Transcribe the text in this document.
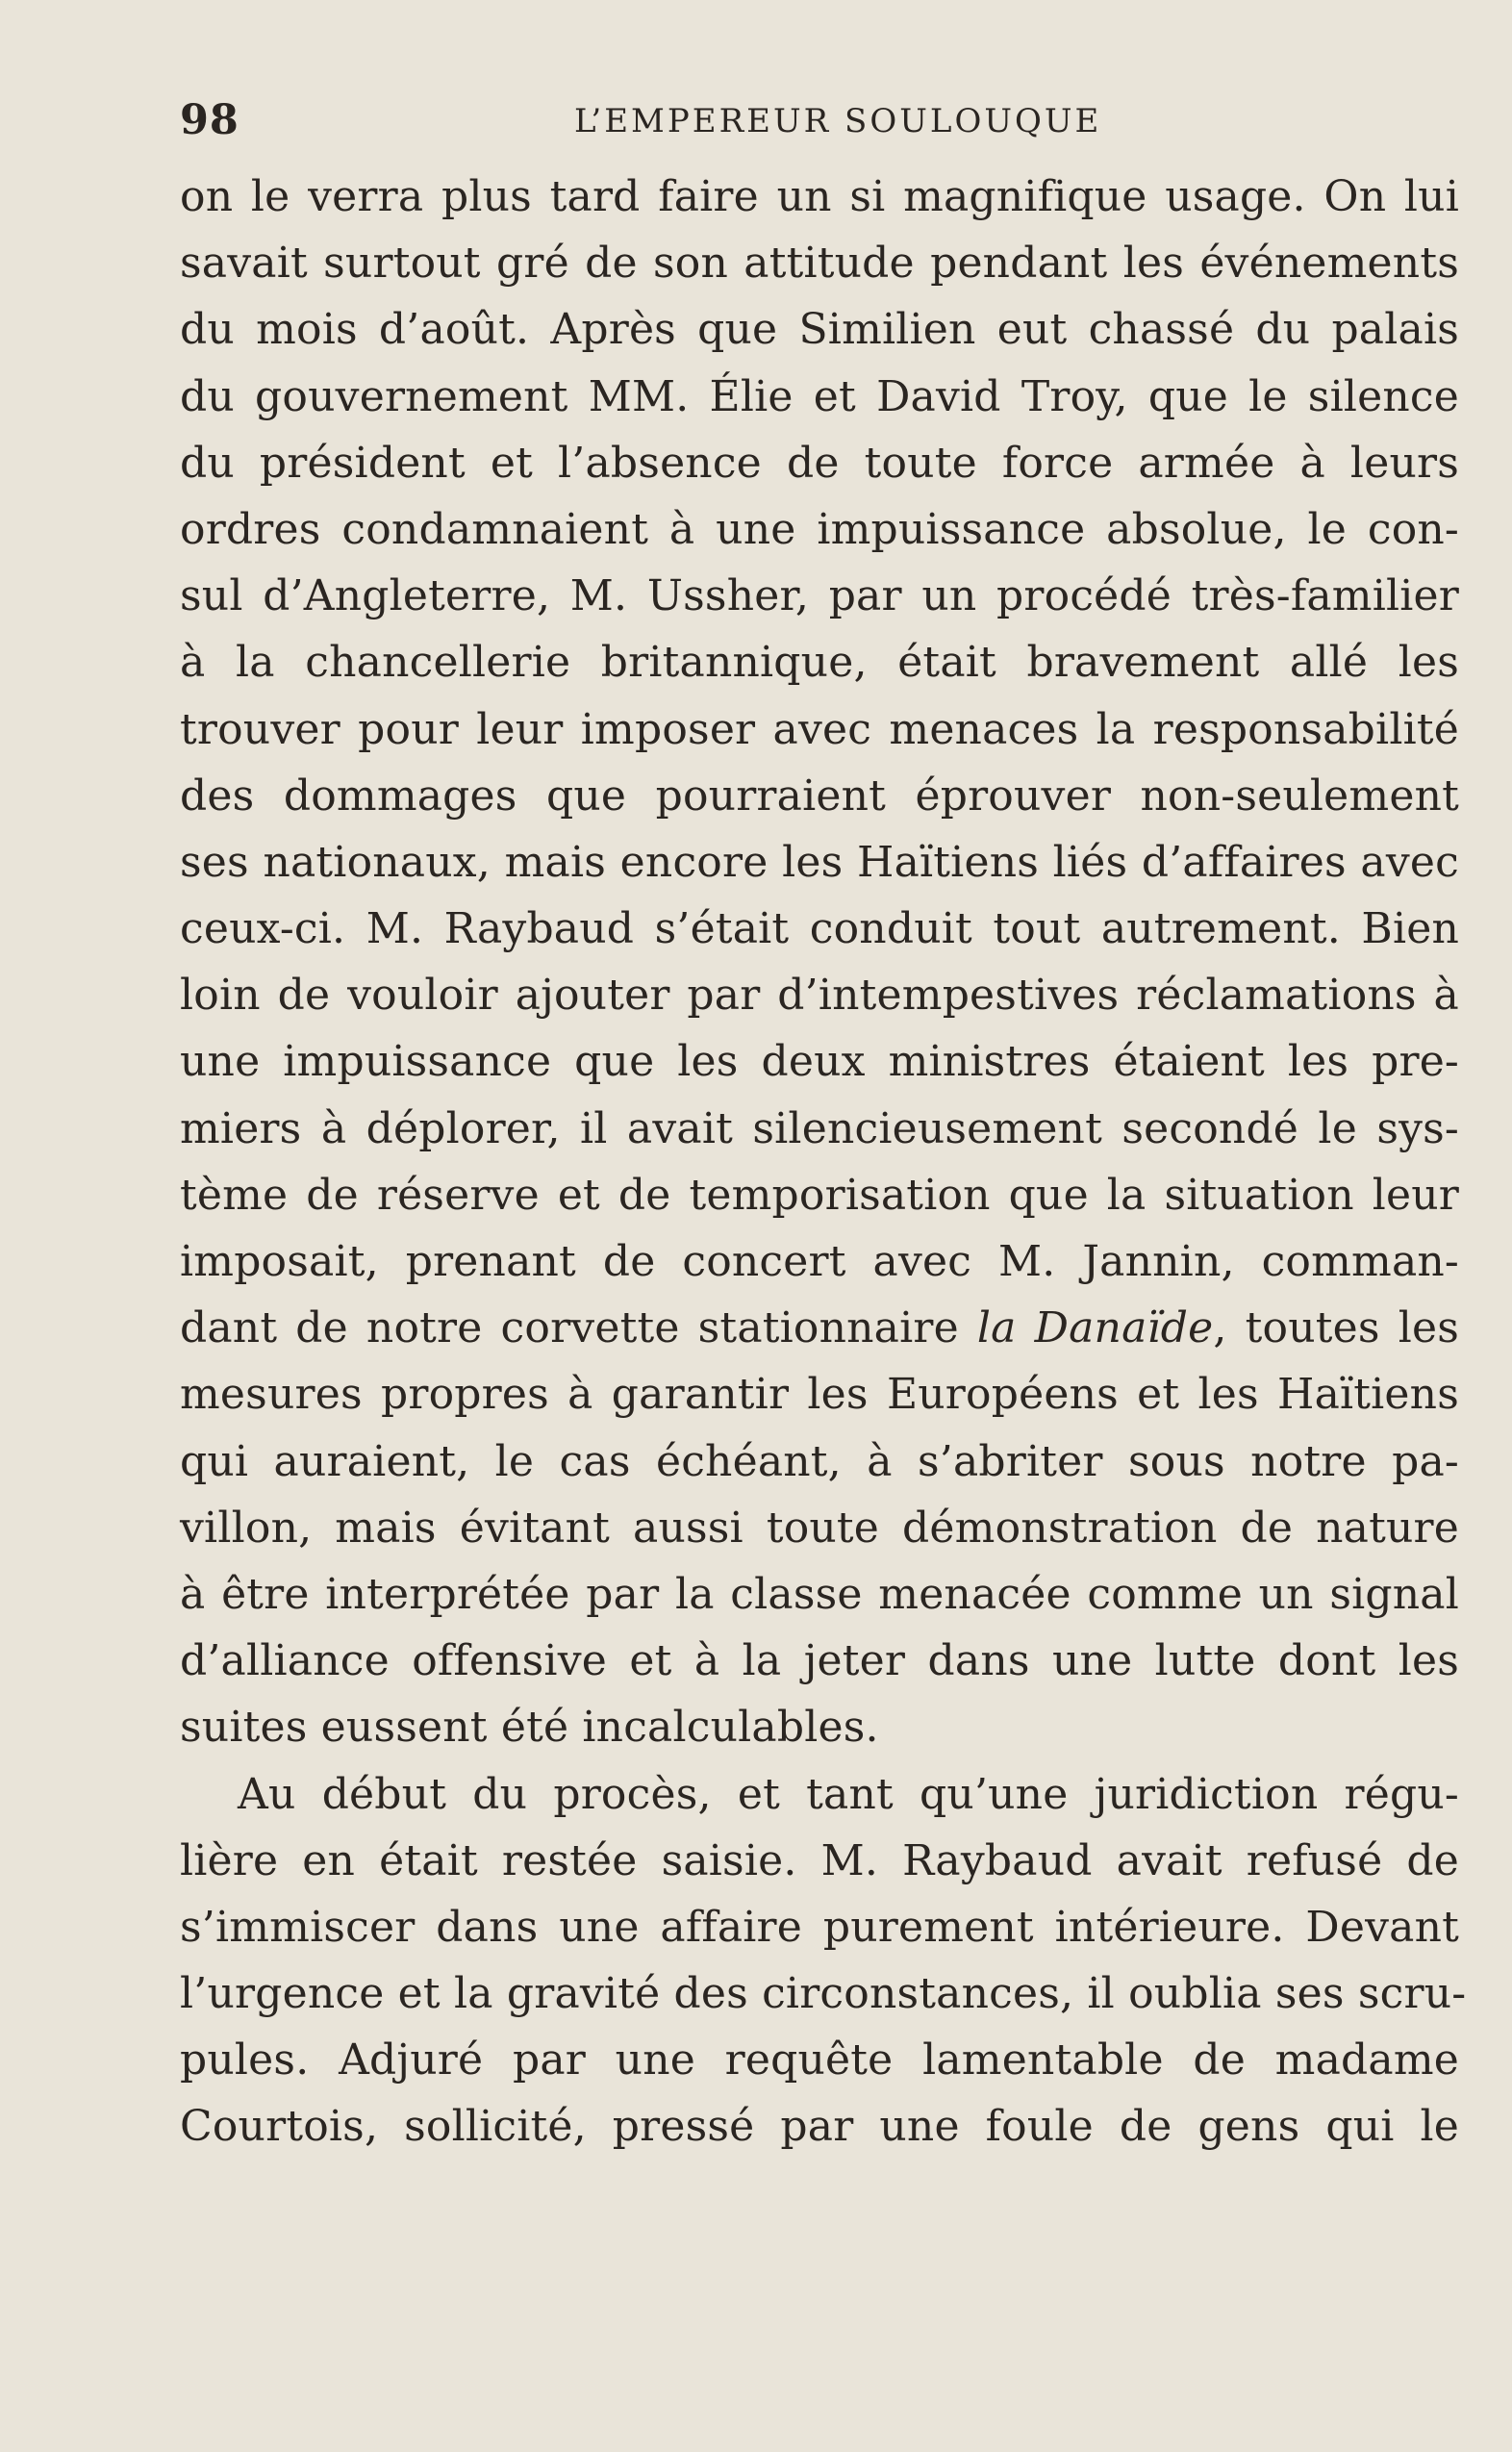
98	L’EMPEREUR SOULOUQUE
on le verra plus tard faire un si magnifique usage. On lui
savait surtout gré de son attitude pendant les événements
du mois d’août. Après que Similien eut chassé du palais
du gouvernement MM. Élie et David Troy, que le silence
du président et l’absence de toute force armée à leurs
ordres condamnaient à une impuissance absolue, le con-
sul d’Angleterre, M. Ussher, par un procédé très-familier
à la chancellerie britannique, était bravement allé les
trouver pour leur imposer avec menaces la responsabilité
des dommages que pourraient éprouver non-seulement
ses nationaux, mais encore les Haïtiens liés d’affaires avec
ceux-ci. M. Raybaud s’était conduit tout autrement. Bien
loin de vouloir ajouter par d’intempestives réclamations à
une impuissance que les deux ministres étaient les pre-
miers à déplorer, il avait silencieusement secondé le sys-
tème de réserve et de temporisation que la situation leur
imposait, prenant de concert avec M. Jannin, comman-
dant de notre corvette stationnaire la Danaïde, toutes les
mesures propres à garantir les Européens et les Haïtiens
qui auraient, le cas échéant, à s’abriter sous notre pa-
villon, mais évitant aussi toute démonstration de nature
à être interprétée par la classe menacée comme un signal
d’alliance offensive et à la jeter dans une lutte dont les
suites eussent été incalculables.
Au début du procès, et tant qu’une juridiction régu-
lière en était restée saisie. M. Raybaud avait refusé de
s’immiscer dans une affaire purement intérieure. Devant
l’urgence et la gravité des circonstances, il oublia ses scru-
pules. Adjuré par une requête lamentable de madame
Courtois, sollicité, pressé par une foule de gens qui le
